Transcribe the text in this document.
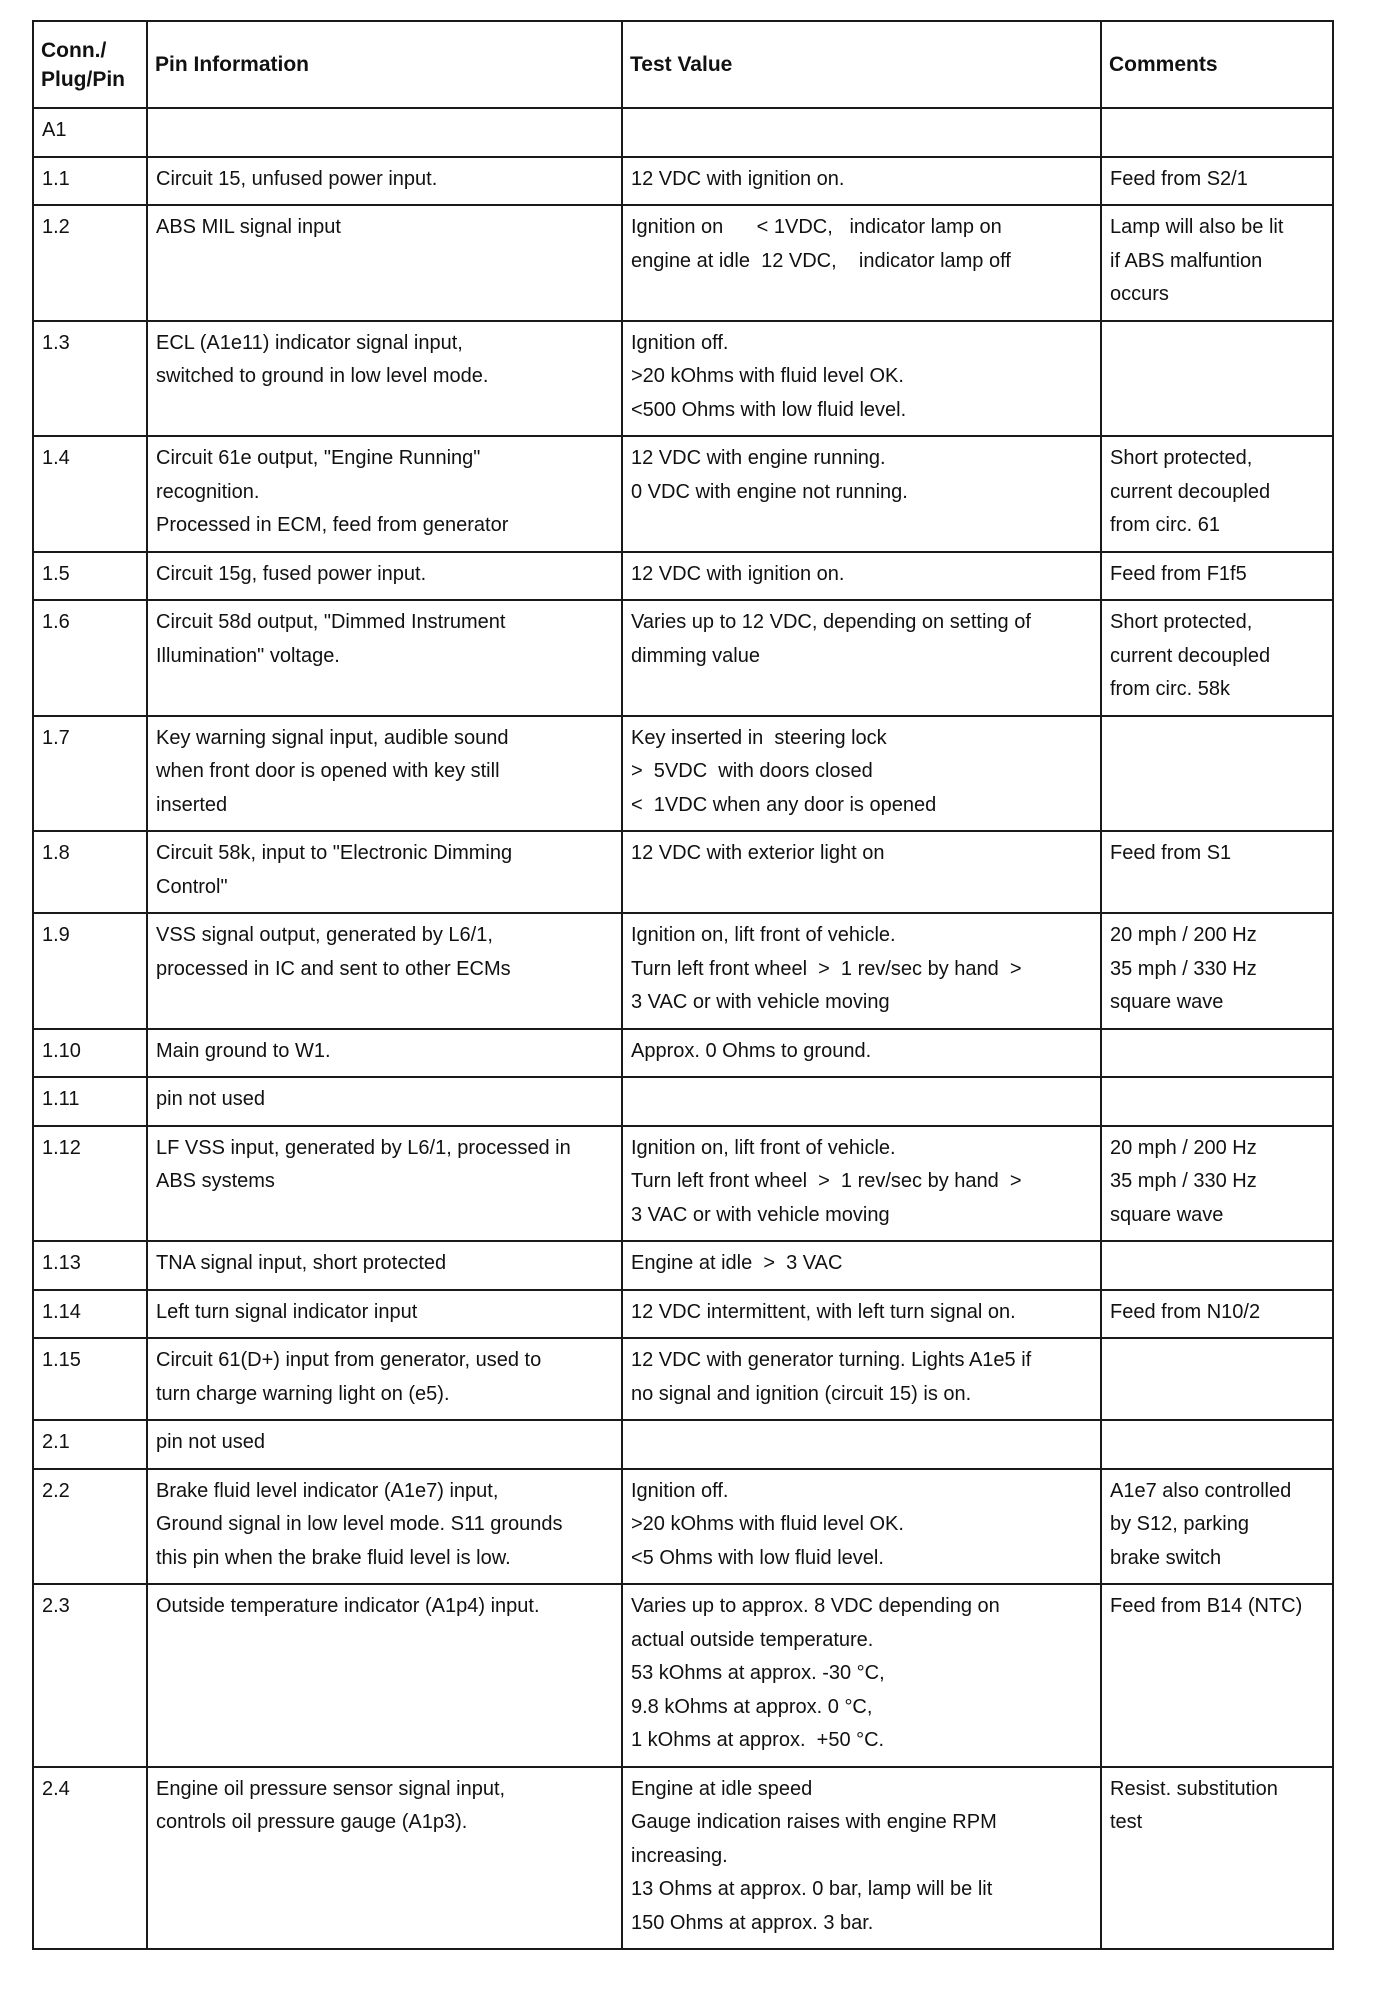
Conn./
Plug/Pin	Pin Information	Test Value	Comments
A1			
1.1	Circuit 15, unfused power input.	12 VDC with ignition on.	Feed from S2/1

1.2	ABS MIL signal input	Ignition on      < 1VDC,   indicator lamp on
engine at idle  12 VDC,    indicator lamp off	Lamp will also be lit
if ABS malfuntion
occurs

1.3	ECL (A1e11) indicator signal input,
switched to ground in low level mode.	Ignition off.
>20 kOhms with fluid level OK.
<500 Ohms with low fluid level.	

1.4	Circuit 61e output, "Engine Running"
recognition.
Processed in ECM, feed from generator	12 VDC with engine running.
0 VDC with engine not running.	Short protected,
current decoupled
from circ. 61

1.5	Circuit 15g, fused power input.	12 VDC with ignition on.	Feed from F1f5

1.6	Circuit 58d output, "Dimmed Instrument
Illumination" voltage.	Varies up to 12 VDC, depending on setting of
dimming value	Short protected,
current decoupled
from circ. 58k

1.7	Key warning signal input, audible sound
when front door is opened with key still
inserted	Key inserted in  steering lock
>  5VDC  with doors closed
<  1VDC when any door is opened	

1.8	Circuit 58k, input to "Electronic Dimming
Control"	12 VDC with exterior light on	Feed from S1

1.9	VSS signal output, generated by L6/1,
processed in IC and sent to other ECMs	Ignition on, lift front of vehicle.
Turn left front wheel  >  1 rev/sec by hand  >
3 VAC or with vehicle moving	20 mph / 200 Hz
35 mph / 330 Hz
square wave

1.10	Main ground to W1.	Approx. 0 Ohms to ground.	

1.11	pin not used		

1.12	LF VSS input, generated by L6/1, processed in
ABS systems	Ignition on, lift front of vehicle.
Turn left front wheel  >  1 rev/sec by hand  >
3 VAC or with vehicle moving	20 mph / 200 Hz
35 mph / 330 Hz
square wave

1.13	TNA signal input, short protected	Engine at idle  >  3 VAC	

1.14	Left turn signal indicator input	12 VDC intermittent, with left turn signal on.	Feed from N10/2

1.15	Circuit 61(D+) input from generator, used to
turn charge warning light on (e5).	12 VDC with generator turning. Lights A1e5 if
no signal and ignition (circuit 15) is on.	

2.1	pin not used		

2.2	Brake fluid level indicator (A1e7) input,
Ground signal in low level mode. S11 grounds
this pin when the brake fluid level is low.	Ignition off.
>20 kOhms with fluid level OK.
<5 Ohms with low fluid level.	A1e7 also controlled
by S12, parking
brake switch

2.3	Outside temperature indicator (A1p4) input.	Varies up to approx. 8 VDC depending on
actual outside temperature.
53 kOhms at approx. -30 °C,
9.8 kOhms at approx. 0 °C,
1 kOhms at approx.  +50 °C.	Feed from B14 (NTC)

2.4	Engine oil pressure sensor signal input,
controls oil pressure gauge (A1p3).	Engine at idle speed
Gauge indication raises with engine RPM
increasing.
13 Ohms at approx. 0 bar, lamp will be lit
150 Ohms at approx. 3 bar.	Resist. substitution
test
